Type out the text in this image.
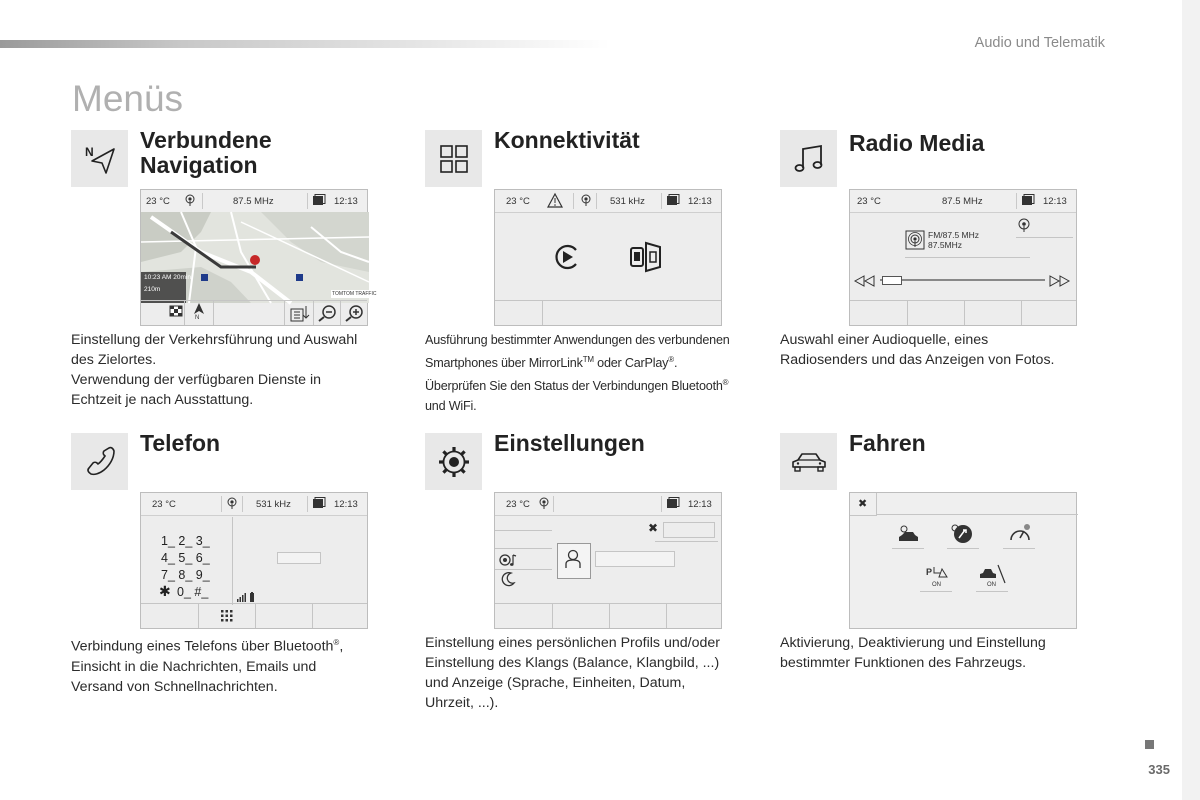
Audio und Telematik
Menüs
N Verbundene
Navigation
23 °C	87.5 MHz	12:13
10:23 AM 20min
210m
TOMTOM TRAFFIC
N
Einstellung der Verkehrsführung und Auswahl
des Zielortes.
Verwendung der verfügbaren Dienste in
Echtzeit je nach Ausstattung.
Konnektivität
23 °C	531 kHz	12:13
Ausführung bestimmter Anwendungen des verbundenen
Smartphones über MirrorLink™ oder CarPlay®.
Überprüfen Sie den Status der Verbindungen Bluetooth®
und WiFi.
Radio Media
23 °C	87.5 MHz	12:13
FM/87.5 MHz
87.5MHz
Auswahl einer Audioquelle, eines
Radiosenders und das Anzeigen von Fotos.
Telefon
23 °C	531 kHz	12:13
1_ 2_ 3_
4_ 5_ 6_
7_ 8_ 9_
✱ 0_ #_
Verbindung eines Telefons über Bluetooth®,
Einsicht in die Nachrichten, Emails und
Versand von Schnellnachrichten.
Einstellungen
23 °C	12:13
✖
Einstellung eines persönlichen Profils und/oder
Einstellung des Klangs (Balance, Klangbild, ...)
und Anzeige (Sprache, Einheiten, Datum,
Uhrzeit, ...).
Fahren
✖
P
ON	ON
Aktivierung, Deaktivierung und Einstellung
bestimmter Funktionen des Fahrzeugs.
335
